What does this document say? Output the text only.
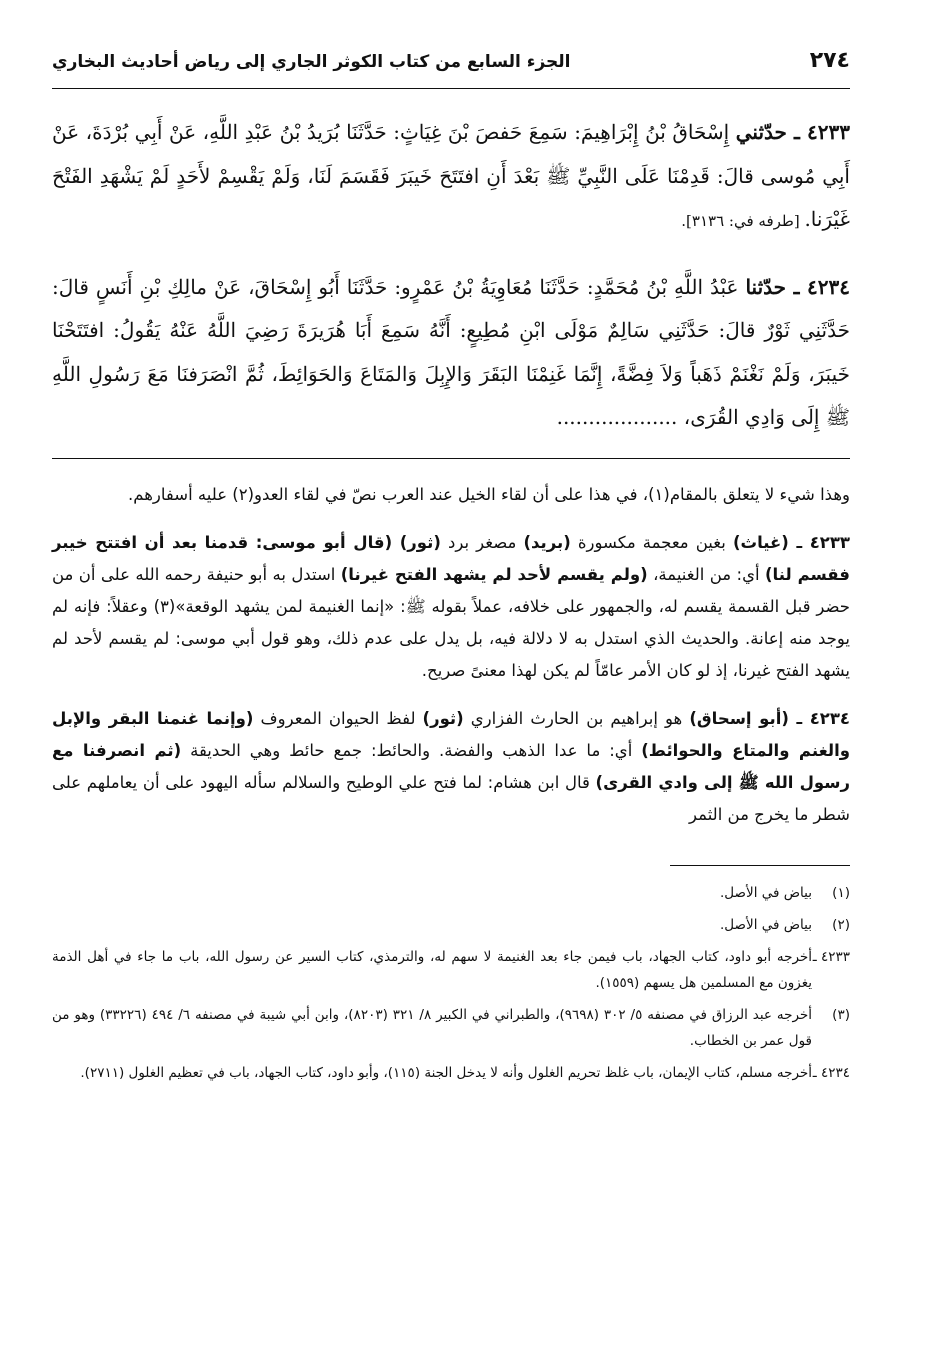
٢٧٤
الجزء السابع من كتاب الكوثر الجاري إلى رياض أحاديث البخاري

٤٢٣٣ ـ حدّثني إِسْحَاقُ بْنُ إِبْرَاهِيمَ: سَمِعَ حَفصَ بْنَ غِيَاثٍ: حَدَّثَنَا بُرَيدُ بْنُ عَبْدِ اللَّهِ، عَنْ أَبِي بُرْدَةَ، عَنْ أَبِي مُوسى قالَ: قَدِمْنَا عَلَى النَّبِيِّ ﷺ بَعْدَ أَنِ افتَتَحَ خَيبَرَ فَقَسَمَ لَنَا، وَلَمْ يَقْسِمْ لأَحَدٍ لَمْ يَشْهَدِ الفَتْحَ غَيْرَنا. [طرفه في: ٣١٣٦].

٤٢٣٤ ـ حدّثنا عَبْدُ اللَّهِ بْنُ مُحَمَّدٍ: حَدَّثَنَا مُعَاوِيَةُ بْنُ عَمْرٍو: حَدَّثَنَا أَبُو إِسْحَاقَ، عَنْ مالِكِ بْنِ أَنَسٍ قالَ: حَدَّثَنِي ثَوْرٌ قالَ: حَدَّثَنِي سَالِمٌ مَوْلَى ابْنِ مُطِيعٍ: أَنَّهُ سَمِعَ أَبَا هُرَيرَةَ رَضِيَ اللَّهُ عَنْهُ يَقُولُ: افتَتَحْنَا خَيبَرَ، وَلَمْ نَغْنَمْ ذَهَباً وَلاَ فِضَّةً، إِنَّمَا غَنِمْنَا البَقَرَ وَالإِبِلَ وَالمَتَاعَ وَالحَوَائِطَ، ثُمَّ انْصَرَفنَا مَعَ رَسُولِ اللَّهِ ﷺ إِلَى وَادِي القُرَى، ...................

وهذا شيء لا يتعلق بالمقام(١)، في هذا على أن لقاء الخيل عند العرب نصّ في لقاء العدو(٢) عليه أسفارهم.

٤٢٣٣ ـ (غياث) بغين معجمة مكسورة (بريد) مصغر برد (ثور) (قال أبو موسى: قدمنا بعد أن افتتح خيبر فقسم لنا) أي: من الغنيمة، (ولم يقسم لأحد لم يشهد الفتح غيرنا) استدل به أبو حنيفة رحمه الله على أن من حضر قبل القسمة يقسم له، والجمهور على خلافه، عملاً بقوله ﷺ: «إنما الغنيمة لمن يشهد الوقعة»(٣) وعقلاً: فإنه لم يوجد منه إعانة. والحديث الذي استدل به لا دلالة فيه، بل يدل على عدم ذلك، وهو قول أبي موسى: لم يقسم لأحد لم يشهد الفتح غيرنا، إذ لو كان الأمر عامّاً لم يكن لهذا معنىً صريح.

٤٢٣٤ ـ (أبو إسحاق) هو إبراهيم بن الحارث الفزاري (ثور) لفظ الحيوان المعروف (وإنما غنمنا البقر والإبل والغنم والمتاع والحوائط) أي: ما عدا الذهب والفضة. والحائط: جمع حائط وهي الحديقة (ثم انصرفنا مع رسول الله ﷺ إلى وادي القرى) قال ابن هشام: لما فتح علي الوطيح والسلالم سأله اليهود على أن يعاملهم على شطر ما يخرج من الثمر

(١)
بياض في الأصل.
(٢)
بياض في الأصل.
٤٢٣٣ ـ
أخرجه أبو داود، كتاب الجهاد، باب فيمن جاء بعد الغنيمة لا سهم له، والترمذي، كتاب السير عن رسول الله، باب ما جاء في أهل الذمة يغزون مع المسلمين هل يسهم (١٥٥٩).
(٣)
أخرجه عبد الرزاق في مصنفه ٥/ ٣٠٢ (٩٦٩٨)، والطبراني في الكبير ٨/ ٣٢١ (٨٢٠٣)، وابن أبي شيبة في مصنفه ٦/ ٤٩٤ (٣٣٢٢٦) وهو من قول عمر بن الخطاب.
٤٢٣٤ ـ
أخرجه مسلم، كتاب الإيمان، باب غلظ تحريم الغلول وأنه لا يدخل الجنة (١١٥)، وأبو داود، كتاب الجهاد، باب في تعظيم الغلول (٢٧١١).
